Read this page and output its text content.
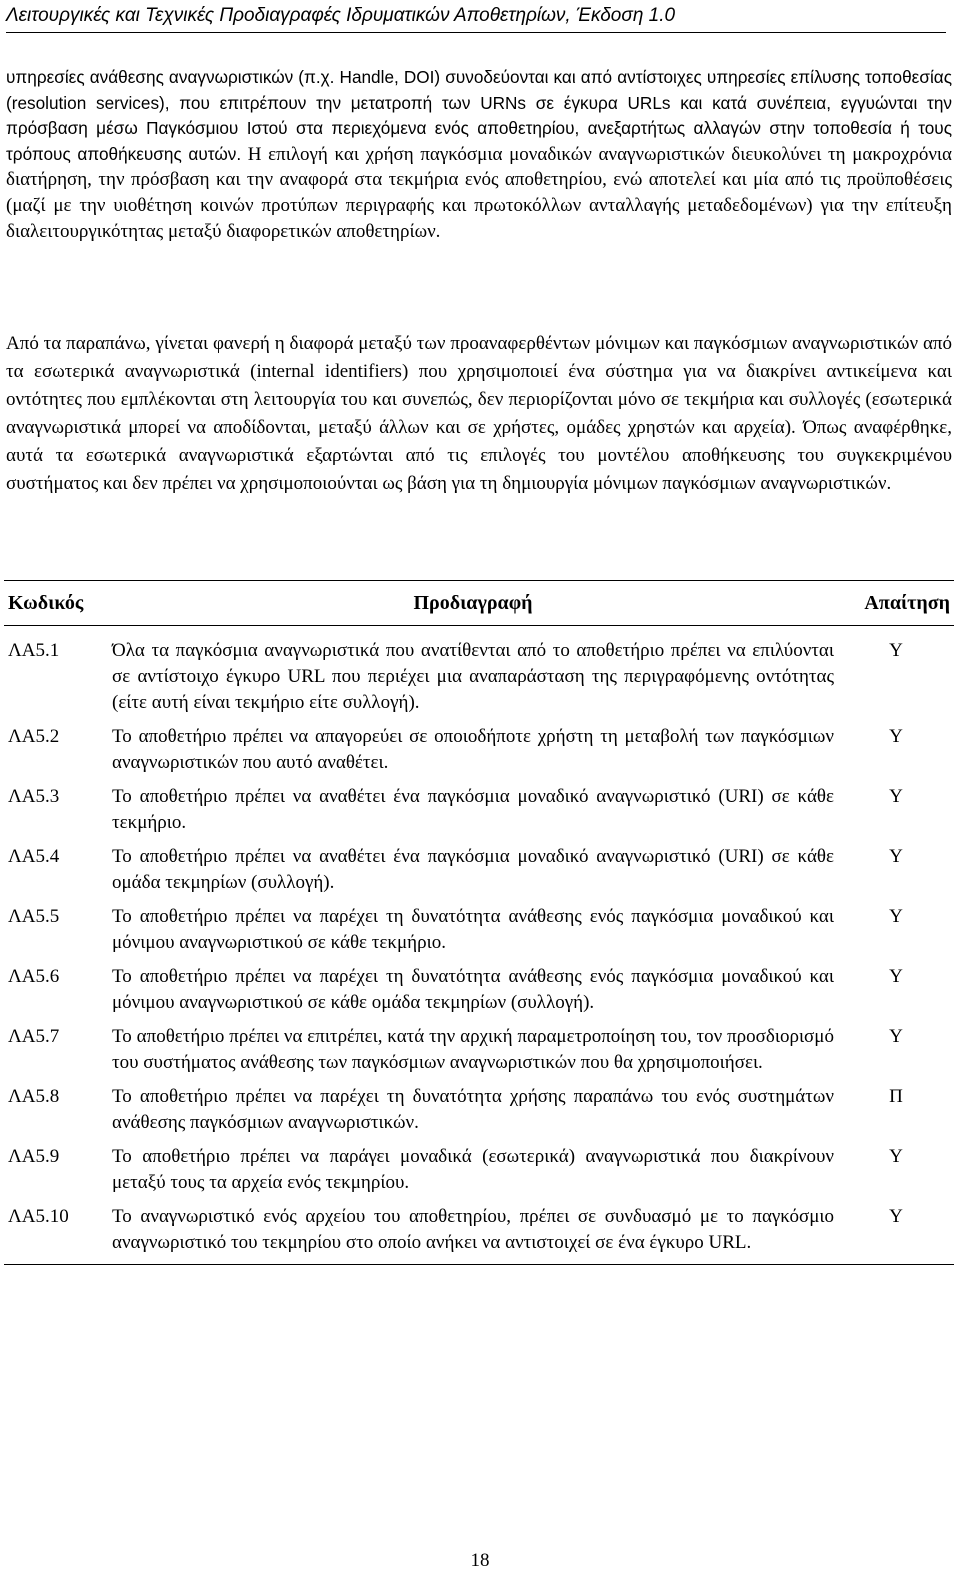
Λειτουργικές και Τεχνικές Προδιαγραφές Ιδρυματικών Αποθετηρίων, Έκδοση 1.0
υπηρεσίες ανάθεσης αναγνωριστικών (π.χ. Handle, DOI) συνοδεύονται και από αντίστοιχες υπηρεσίες επίλυσης τοποθεσίας (resolution services), που επιτρέπουν την μετατροπή των URNs σε έγκυρα URLs και κατά συνέπεια, εγγυώνται την πρόσβαση μέσω Παγκόσμιου Ιστού στα περιεχόμενα ενός αποθετηρίου, ανεξαρτήτως αλλαγών στην τοποθεσία ή τους τρόπους αποθήκευσης αυτών. Η επιλογή και χρήση παγκόσμια μοναδικών αναγνωριστικών διευκολύνει τη μακροχρόνια διατήρηση, την πρόσβαση και την αναφορά στα τεκμήρια ενός αποθετηρίου, ενώ αποτελεί και μία από τις προϋποθέσεις (μαζί με την υιοθέτηση κοινών προτύπων περιγραφής και πρωτοκόλλων ανταλλαγής μεταδεδομένων) για την επίτευξη διαλειτουργικότητας μεταξύ διαφορετικών αποθετηρίων.
Από τα παραπάνω, γίνεται φανερή η διαφορά μεταξύ των προαναφερθέντων μόνιμων και παγκόσμιων αναγνωριστικών από τα εσωτερικά αναγνωριστικά (internal identifiers) που χρησιμοποιεί ένα σύστημα για να διακρίνει αντικείμενα και οντότητες που εμπλέκονται στη λειτουργία του και συνεπώς, δεν περιορίζονται μόνο σε τεκμήρια και συλλογές (εσωτερικά αναγνωριστικά μπορεί να αποδίδονται, μεταξύ άλλων και σε χρήστες, ομάδες χρηστών και αρχεία). Όπως αναφέρθηκε, αυτά τα εσωτερικά αναγνωριστικά εξαρτώνται από τις επιλογές του μοντέλου αποθήκευσης του συγκεκριμένου συστήματος και δεν πρέπει να χρησιμοποιούνται ως βάση για τη δημιουργία μόνιμων παγκόσμιων αναγνωριστικών.
Κωδικός	Προδιαγραφή	Απαίτηση
ΛΑ5.1	Όλα τα παγκόσμια αναγνωριστικά που ανατίθενται από το αποθετήριο πρέπει να επιλύονται σε αντίστοιχο έγκυρο URL που περιέχει μια αναπαράσταση της περιγραφόμενης οντότητας (είτε αυτή είναι τεκμήριο είτε συλλογή).	Υ
ΛΑ5.2	Το αποθετήριο πρέπει να απαγορεύει σε οποιοδήποτε χρήστη τη μεταβολή των παγκόσμιων αναγνωριστικών που αυτό αναθέτει.	Υ
ΛΑ5.3	Το αποθετήριο πρέπει να αναθέτει ένα παγκόσμια μοναδικό αναγνωριστικό (URI) σε κάθε τεκμήριο.	Υ
ΛΑ5.4	Το αποθετήριο πρέπει να αναθέτει ένα παγκόσμια μοναδικό αναγνωριστικό (URI) σε κάθε ομάδα τεκμηρίων (συλλογή).	Υ
ΛΑ5.5	Το αποθετήριο πρέπει να παρέχει τη δυνατότητα ανάθεσης ενός παγκόσμια μοναδικού και μόνιμου αναγνωριστικού σε κάθε τεκμήριο.	Υ
ΛΑ5.6	Το αποθετήριο πρέπει να παρέχει τη δυνατότητα ανάθεσης ενός παγκόσμια μοναδικού και μόνιμου αναγνωριστικού σε κάθε ομάδα τεκμηρίων (συλλογή).	Υ
ΛΑ5.7	Το αποθετήριο πρέπει να επιτρέπει, κατά την αρχική παραμετροποίηση του, τον προσδιορισμό του συστήματος ανάθεσης των παγκόσμιων αναγνωριστικών που θα χρησιμοποιήσει.	Υ
ΛΑ5.8	Το αποθετήριο πρέπει να παρέχει τη δυνατότητα χρήσης παραπάνω του ενός συστημάτων ανάθεσης παγκόσμιων αναγνωριστικών.	Π
ΛΑ5.9	Το αποθετήριο πρέπει να παράγει μοναδικά (εσωτερικά) αναγνωριστικά που διακρίνουν μεταξύ τους τα αρχεία ενός τεκμηρίου.	Υ
ΛΑ5.10	Το αναγνωριστικό ενός αρχείου του αποθετηρίου, πρέπει σε συνδυασμό με το παγκόσμιο αναγνωριστικό του τεκμηρίου στο οποίο ανήκει να αντιστοιχεί σε ένα έγκυρο URL.	Υ
18
